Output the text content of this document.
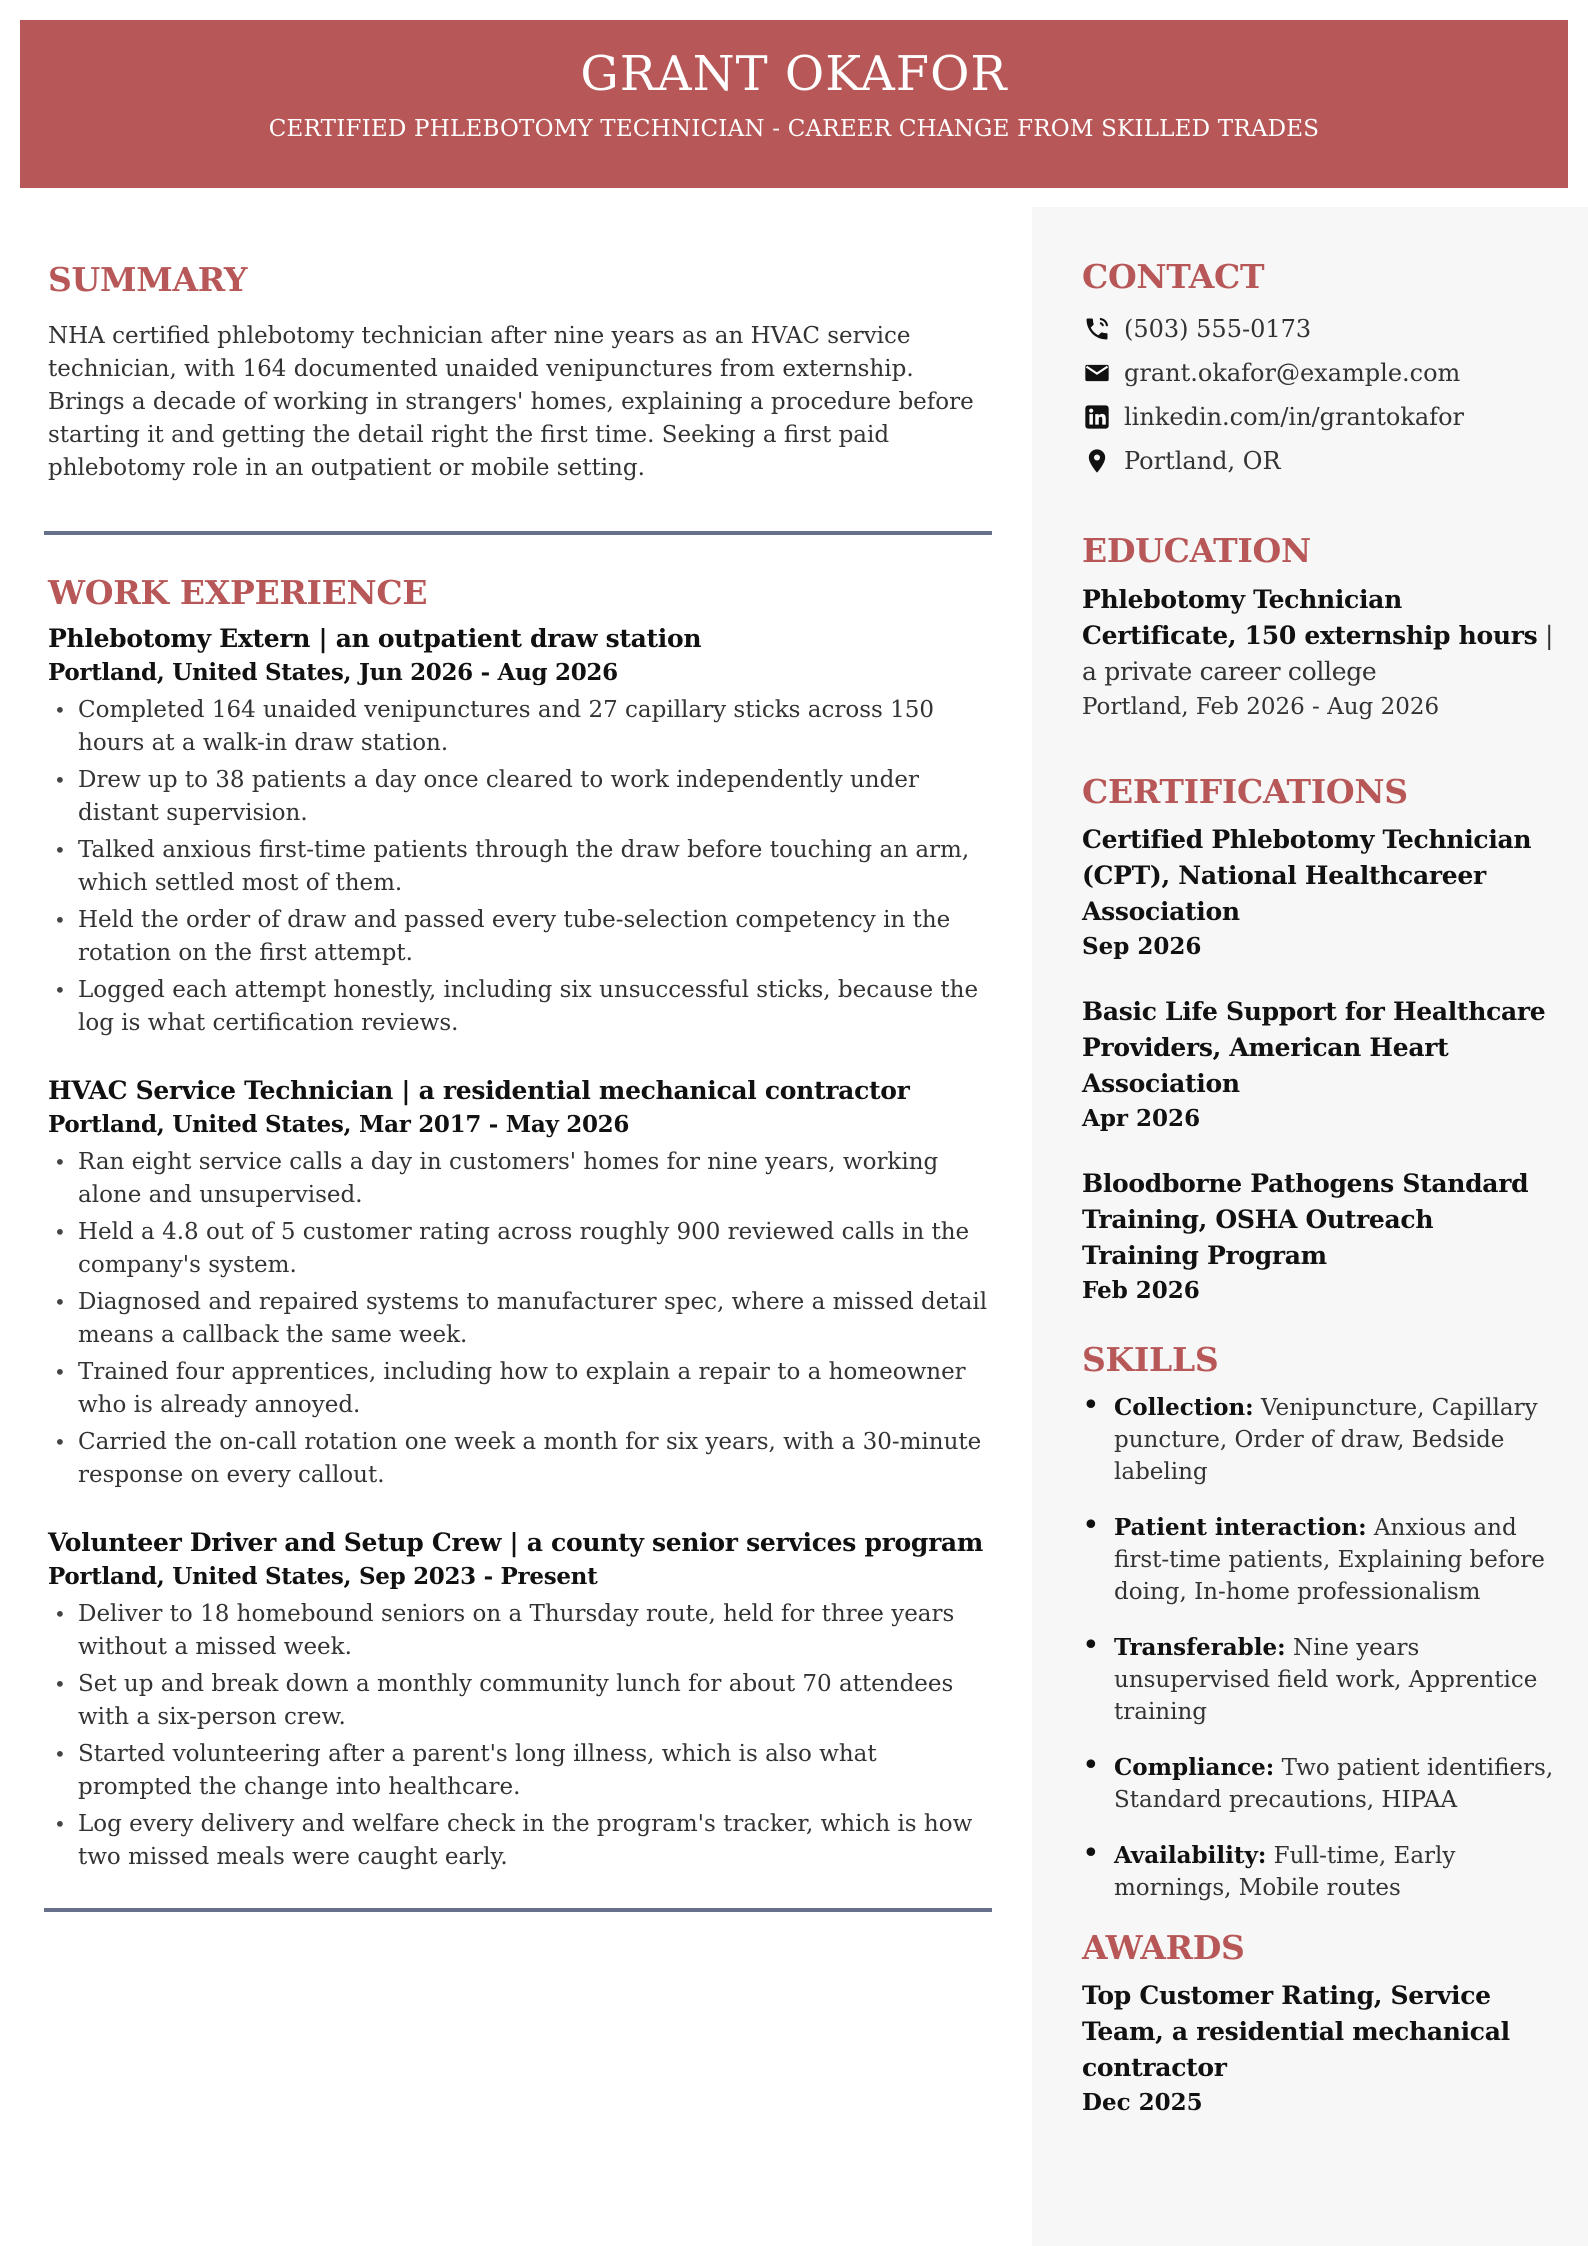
GRANT OKAFOR
CERTIFIED PHLEBOTOMY TECHNICIAN - CAREER CHANGE FROM SKILLED TRADES
SUMMARY

NHA certified phlebotomy technician after nine years as an HVAC service technician, with 164 documented unaided venipunctures from externship. Brings a decade of working in strangers' homes, explaining a procedure before starting it and getting the detail right the first time. Seeking a first paid phlebotomy role in an outpatient or mobile setting.

WORK EXPERIENCE
Phlebotomy Extern | an outpatient draw station
Portland, United States, Jun 2026 - Aug 2026
• Completed 164 unaided venipunctures and 27 capillary sticks across 150 hours at a walk-in draw station.
• Drew up to 38 patients a day once cleared to work independently under distant supervision.
• Talked anxious first-time patients through the draw before touching an arm, which settled most of them.
• Held the order of draw and passed every tube-selection competency in the rotation on the first attempt.
• Logged each attempt honestly, including six unsuccessful sticks, because the log is what certification reviews.
HVAC Service Technician | a residential mechanical contractor
Portland, United States, Mar 2017 - May 2026
• Ran eight service calls a day in customers' homes for nine years, working alone and unsupervised.
• Held a 4.8 out of 5 customer rating across roughly 900 reviewed calls in the company's system.
• Diagnosed and repaired systems to manufacturer spec, where a missed detail means a callback the same week.
• Trained four apprentices, including how to explain a repair to a homeowner who is already annoyed.
• Carried the on-call rotation one week a month for six years, with a 30-minute response on every callout.
Volunteer Driver and Setup Crew | a county senior services program
Portland, United States, Sep 2023 - Present
• Deliver to 18 homebound seniors on a Thursday route, held for three years without a missed week.
• Set up and break down a monthly community lunch for about 70 attendees with a six-person crew.
• Started volunteering after a parent's long illness, which is also what prompted the change into healthcare.
• Log every delivery and welfare check in the program's tracker, which is how two missed meals were caught early.
CONTACT
(503) 555-0173
grant.okafor@example.com
linkedin.com/in/grantokafor
Portland, OR
EDUCATION
Phlebotomy Technician Certificate, 150 externship hours | a private career college
Portland, Feb 2026 - Aug 2026
CERTIFICATIONS
Certified Phlebotomy Technician (CPT), National Healthcareer Association
Sep 2026
Basic Life Support for Healthcare Providers, American Heart Association
Apr 2026
Bloodborne Pathogens Standard Training, OSHA Outreach Training Program
Feb 2026
SKILLS
• Collection: Venipuncture, Capillary puncture, Order of draw, Bedside labeling
• Patient interaction: Anxious and first-time patients, Explaining before doing, In-home professionalism
• Transferable: Nine years unsupervised field work, Apprentice training
• Compliance: Two patient identifiers, Standard precautions, HIPAA
• Availability: Full-time, Early mornings, Mobile routes
AWARDS
Top Customer Rating, Service Team, a residential mechanical contractor
Dec 2025
